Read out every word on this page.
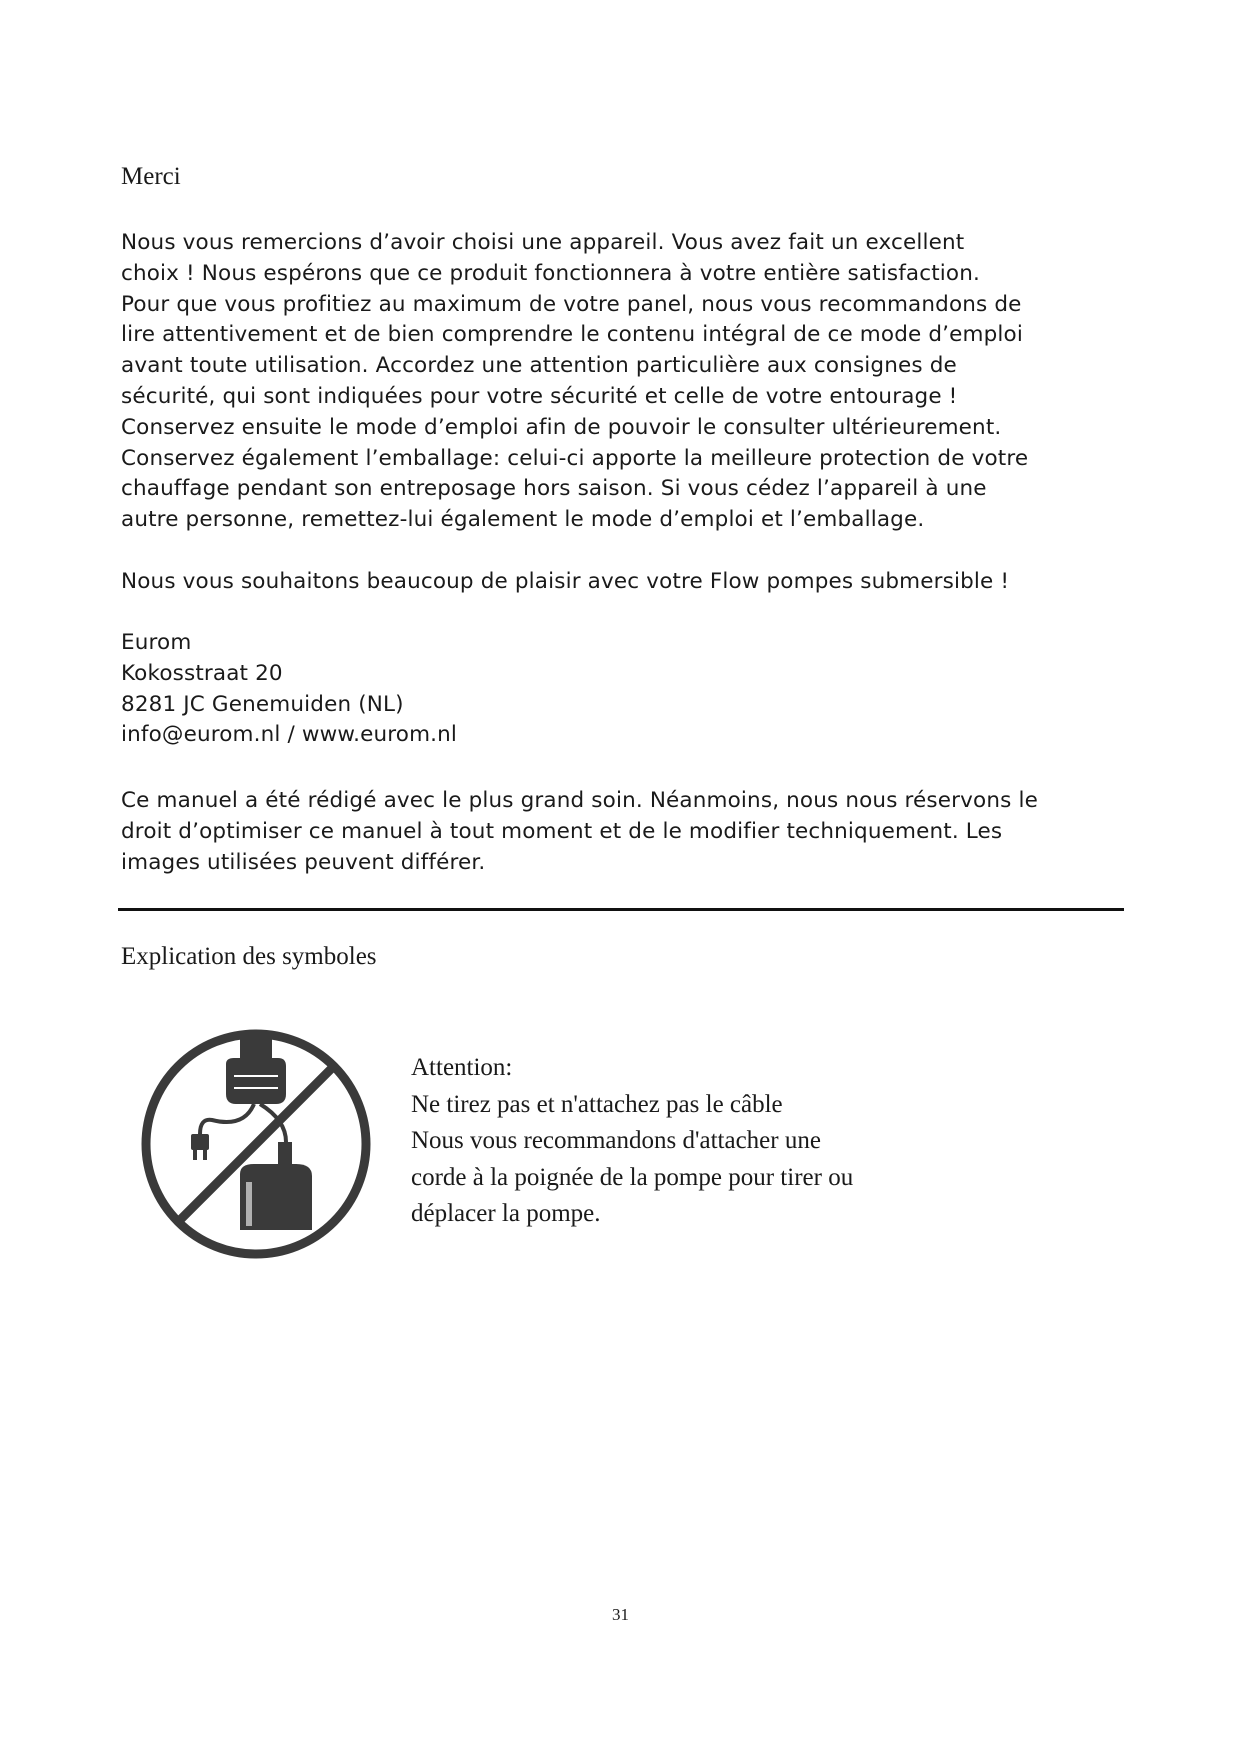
Merci
Nous vous remercions d’avoir choisi une appareil. Vous avez fait un excellent
choix ! Nous espérons que ce produit fonctionnera à votre entière satisfaction.
Pour que vous profitiez au maximum de votre panel, nous vous recommandons de
lire attentivement et de bien comprendre le contenu intégral de ce mode d’emploi
avant toute utilisation. Accordez une attention particulière aux consignes de
sécurité, qui sont indiquées pour votre sécurité et celle de votre entourage !
Conservez ensuite le mode d’emploi afin de pouvoir le consulter ultérieurement.
Conservez également l’emballage: celui-ci apporte la meilleure protection de votre
chauffage pendant son entreposage hors saison. Si vous cédez l’appareil à une
autre personne, remettez-lui également le mode d’emploi et l’emballage.
Nous vous souhaitons beaucoup de plaisir avec votre Flow pompes submersible !
Eurom
Kokosstraat 20
8281 JC Genemuiden (NL)
info@eurom.nl / www.eurom.nl
Ce manuel a été rédigé avec le plus grand soin. Néanmoins, nous nous réservons le
droit d’optimiser ce manuel à tout moment et de le modifier techniquement. Les
images utilisées peuvent différer.
Explication des symboles
Attention:
Ne tirez pas et n'attachez pas le câble
Nous vous recommandons d'attacher une
corde à la poignée de la pompe pour tirer ou
déplacer la pompe.
31
